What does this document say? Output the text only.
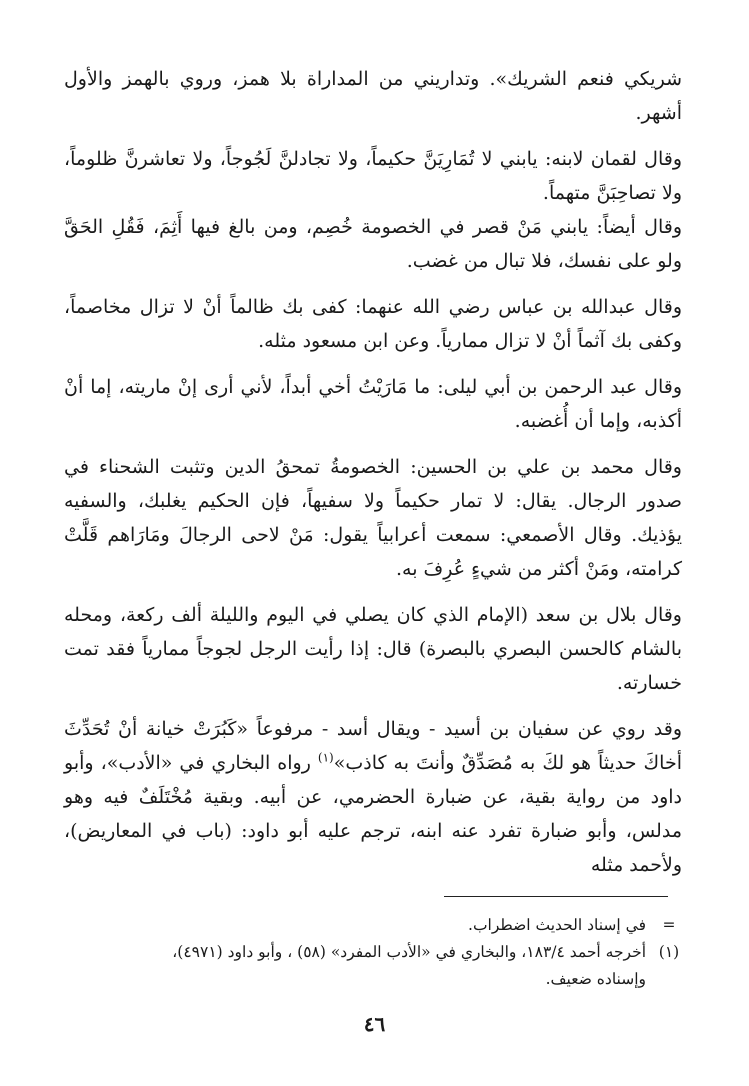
شريكي فنعم الشريك». وتداريني من المداراة بلا همز، وروي بالهمز والأول أشهر.

وقال لقمان لابنه: يابني لا تُمَارِيَنَّ حكيماً، ولا تجادلنَّ لَجُوجاً، ولا تعاشرنَّ ظلوماً، ولا تصاحِبَنَّ متهماً.

وقال أيضاً: يابني مَنْ قصر في الخصومة خُصِم، ومن بالغ فيها أَثِمَ، فَقُلِ الحَقَّ ولو على نفسك، فلا تبال من غضب.

وقال عبدالله بن عباس رضي الله عنهما: كفى بك ظالماً أنْ لا تزال مخاصماً، وكفى بك آثماً أنْ لا تزال ممارياً. وعن ابن مسعود مثله.

وقال عبد الرحمن بن أبي ليلى: ما مَارَيْتُ أخي أبداً، لأني أرى إنْ ماريته، إما أنْ أكذبه، وإما أن أُغضبه.

وقال محمد بن علي بن الحسين: الخصومةُ تمحقُ الدين وتثبت الشحناء في صدور الرجال. يقال: لا تمار حكيماً ولا سفيهاً، فإن الحكيم يغلبك، والسفيه يؤذيك. وقال الأصمعي: سمعت أعرابياً يقول: مَنْ لاحى الرجالَ ومَارَاهم قَلَّتْ كرامته، ومَنْ أكثر من شيءٍ عُرِفَ به.

وقال بلال بن سعد (الإمام الذي كان يصلي في اليوم والليلة ألف ركعة، ومحله بالشام كالحسن البصري بالبصرة) قال: إذا رأيت الرجل لجوجاً ممارياً فقد تمت خسارته.

وقد روي عن سفيان بن أسيد - ويقال أسد - مرفوعاً «كَبُرَتْ خيانة أنْ تُحَدِّثَ أخاكَ حديثاً هو لكَ به مُصَدِّقٌ وأنتَ به كاذب»$^{(١)}$ رواه البخاري في «الأدب»، وأبو داود من رواية بقية، عن ضبارة الحضرمي، عن أبيه. وبقية مُخْتَلَفٌ فيه وهو مدلس، وأبو ضبارة تفرد عنه ابنه، ترجم عليه أبو داود: (باب في المعاريض)، ولأحمد مثله

=
في إسناد الحديث اضطراب.
(١)
أخرجه أحمد ١٨٣/٤، والبخاري في «الأدب المفرد» (٥٨) ، وأبو داود (٤٩٧١)،
وإسناده ضعيف.
٤٦
